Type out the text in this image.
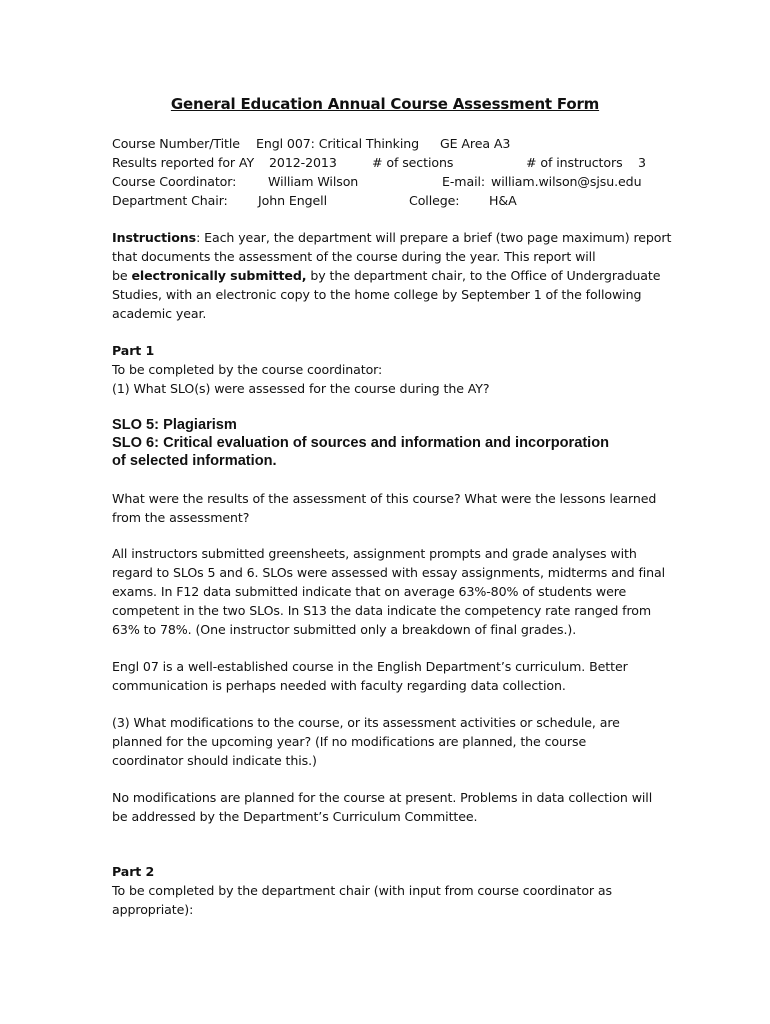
General Education Annual Course Assessment Form
Course Number/Title Engl 007: Critical Thinking GE Area A3
Results reported for AY 2012-2013	# of sections	# of instructors 3
Course Coordinator:	William Wilson	E-mail: william.wilson@sjsu.edu
Department Chair: John Engell	College: H&A
Instructions: Each year, the department will prepare a brief (two page maximum) report
that documents the assessment of the course during the year. This report will
be electronically submitted, by the department chair, to the Office of Undergraduate
Studies, with an electronic copy to the home college by September 1 of the following
academic year.
Part 1
To be completed by the course coordinator:
(1) What SLO(s) were assessed for the course during the AY?
SLO 5: Plagiarism
SLO 6: Critical evaluation of sources and information and incorporation
of selected information.
What were the results of the assessment of this course? What were the lessons learned
from the assessment?
All instructors submitted greensheets, assignment prompts and grade analyses with
regard to SLOs 5 and 6. SLOs were assessed with essay assignments, midterms and final
exams. In F12 data submitted indicate that on average 63%-80% of students were
competent in the two SLOs. In S13 the data indicate the competency rate ranged from
63% to 78%. (One instructor submitted only a breakdown of final grades.).
Engl 07 is a well-established course in the English Department’s curriculum. Better
communication is perhaps needed with faculty regarding data collection.
(3) What modifications to the course, or its assessment activities or schedule, are
planned for the upcoming year? (If no modifications are planned, the course
coordinator should indicate this.)
No modifications are planned for the course at present. Problems in data collection will
be addressed by the Department’s Curriculum Committee.
Part 2
To be completed by the department chair (with input from course coordinator as
appropriate):
